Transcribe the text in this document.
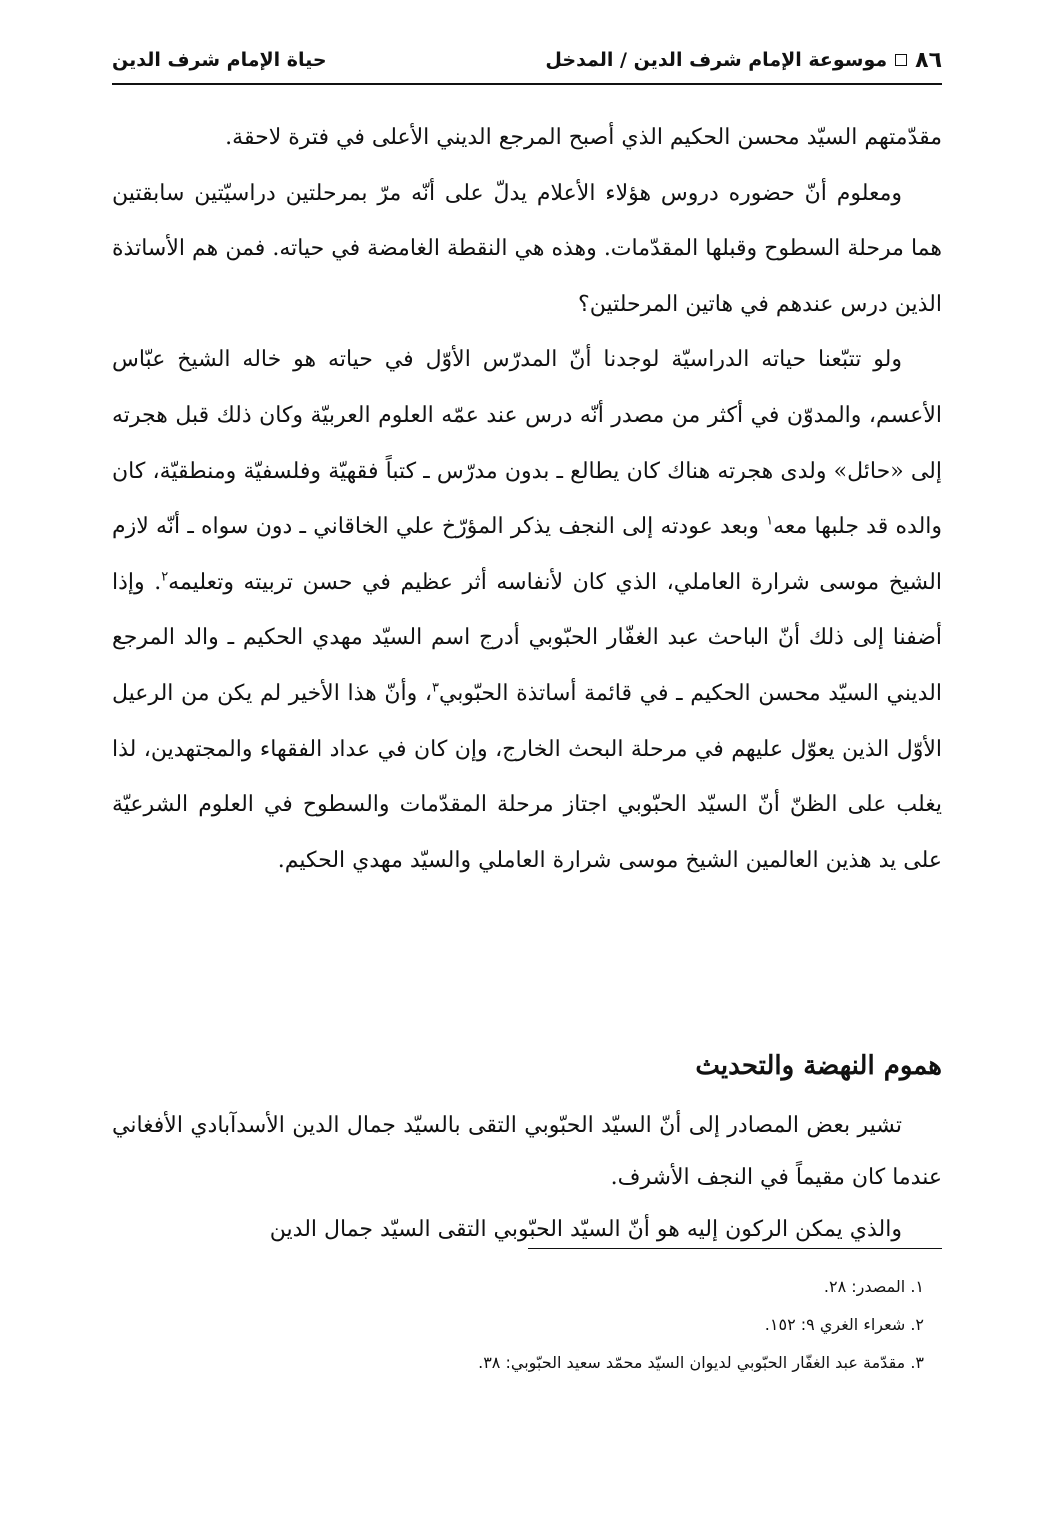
٨٦
موسوعة الإمام شرف الدين / المدخل
حياة الإمام شرف الدين

مقدّمتهم السيّد محسن الحكيم الذي أصبح المرجع الديني الأعلى في فترة لاحقة.

ومعلوم أنّ حضوره دروس هؤلاء الأعلام يدلّ على أنّه مرّ بمرحلتين دراسيّتين سابقتين هما مرحلة السطوح وقبلها المقدّمات. وهذه هي النقطة الغامضة في حياته. فمن هم الأساتذة الذين درس عندهم في هاتين المرحلتين؟

ولو تتبّعنا حياته الدراسيّة لوجدنا أنّ المدرّس الأوّل في حياته هو خاله الشيخ عبّاس الأعسم، والمدوّن في أكثر من مصدر أنّه درس عند عمّه العلوم العربيّة وكان ذلك قبل هجرته إلى «حائل» ولدى هجرته هناك كان يطالع ـ بدون مدرّس ـ كتباً فقهيّة وفلسفيّة ومنطقيّة، كان والده قد جلبها معه$^١$ وبعد عودته إلى النجف يذكر المؤرّخ علي الخاقاني ـ دون سواه ـ أنّه لازم الشيخ موسى شرارة العاملي، الذي كان لأنفاسه أثر عظيم في حسن تربيته وتعليمه$^٢$. وإذا أضفنا إلى ذلك أنّ الباحث عبد الغفّار الحبّوبي أدرج اسم السيّد مهدي الحكيم ـ والد المرجع الديني السيّد محسن الحكيم ـ في قائمة أساتذة الحبّوبي$^٣$، وأنّ هذا الأخير لم يكن من الرعيل الأوّل الذين يعوّل عليهم في مرحلة البحث الخارج، وإن كان في عداد الفقهاء والمجتهدين، لذا يغلب على الظنّ أنّ السيّد الحبّوبي اجتاز مرحلة المقدّمات والسطوح في العلوم الشرعيّة على يد هذين العالمين الشيخ موسى شرارة العاملي والسيّد مهدي الحكيم.

هموم النهضة والتحديث

تشير بعض المصادر إلى أنّ السيّد الحبّوبي التقى بالسيّد جمال الدين الأسدآبادي الأفغاني عندما كان مقيماً في النجف الأشرف.

والذي يمكن الركون إليه هو أنّ السيّد الحبّوبي التقى السيّد جمال الدين

١. المصدر: ٢٨.

٢. شعراء الغري ٩: ١٥٢.

٣. مقدّمة عبد الغفّار الحبّوبي لديوان السيّد محمّد سعيد الحبّوبي: ٣٨.
